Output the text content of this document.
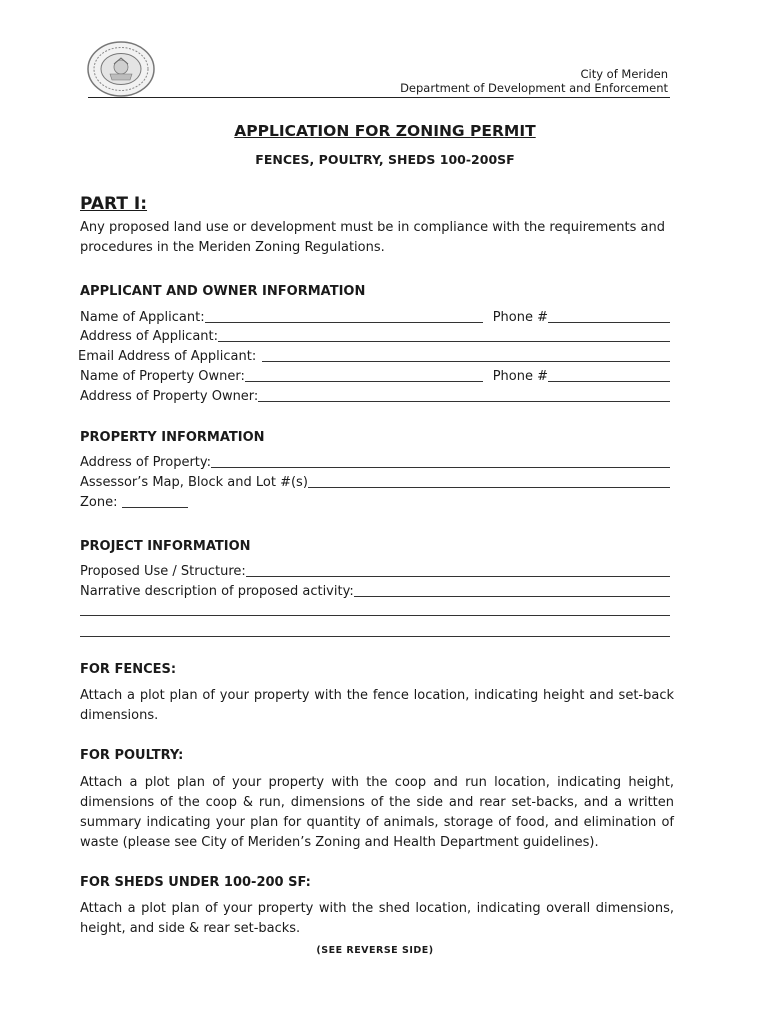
City of Meriden
Department of Development and Enforcement
APPLICATION FOR ZONING PERMIT
FENCES, POULTRY, SHEDS 100-200SF
PART I:
Any proposed land use or development must be in compliance with the requirements and procedures in the Meriden Zoning Regulations.
APPLICANT AND OWNER INFORMATION
Name of Applicant:	Phone #
Address of Applicant:
Email Address of Applicant:
Name of Property Owner:	Phone #
Address of Property Owner:
PROPERTY INFORMATION
Address of Property:
Assessor’s Map, Block and Lot #(s)
Zone:
PROJECT INFORMATION
Proposed Use / Structure:
Narrative description of proposed activity:
FOR FENCES:
Attach a plot plan of your property with the fence location, indicating height and set-back dimensions.
FOR POULTRY:
Attach a plot plan of your property with the coop and run location, indicating height, dimensions of the coop & run, dimensions of the side and rear set-backs, and a written summary indicating your plan for quantity of animals, storage of food, and elimination of waste (please see City of Meriden’s Zoning and Health Department guidelines).
FOR SHEDS UNDER 100-200 SF:
Attach a plot plan of your property with the shed location, indicating overall dimensions, height, and side & rear set-backs.
(SEE REVERSE SIDE)
